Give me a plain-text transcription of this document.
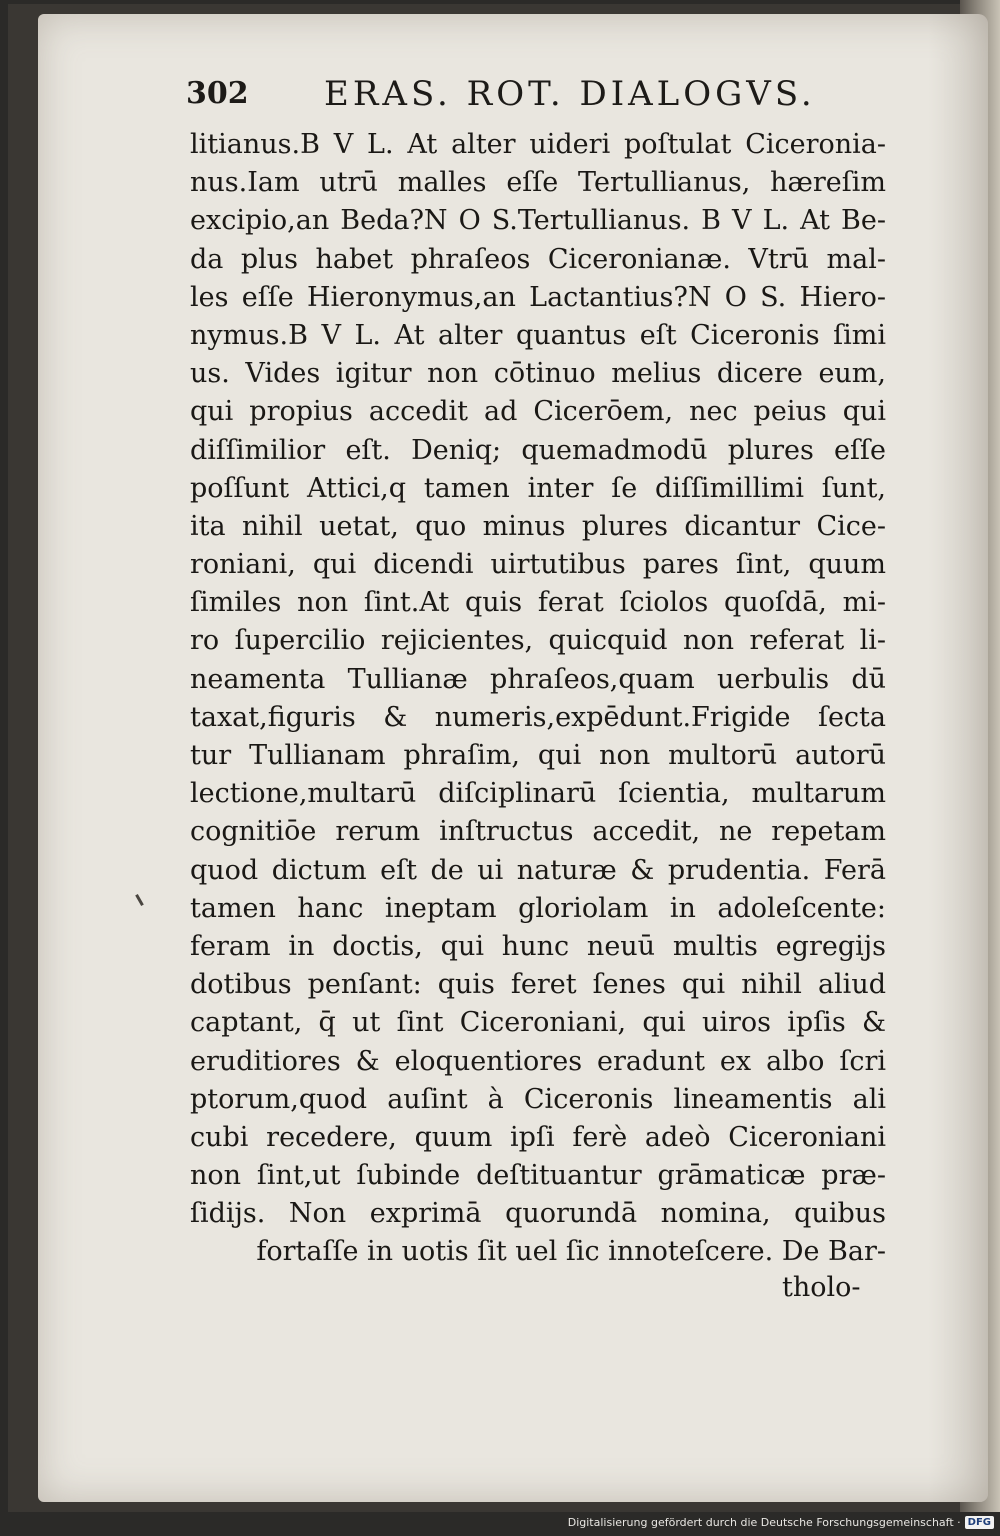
302 ERAS. ROT. DIALOGVS.
litianus.B V L. At alter uideri poſtulat Ciceronia-
nus.Iam utrū malles eſſe Tertullianus, hæreſim
excipio,an Beda?N O S.Tertullianus. B V L. At Be-
da plus habet phraſeos Ciceronianæ. Vtrū mal-
les eſſe Hieronymus,an Lactantius?N O S. Hiero-
nymus.B V L. At alter quantus eſt Ciceronis ſimi
us. Vides igitur non cōtinuo melius dicere eum,
qui propius accedit ad Cicerōem, nec peius qui
diſſimilior eſt. Deniq; quemadmodū plures eſſe
poſſunt Attici,q tamen inter ſe diſſimillimi ſunt,
ita nihil uetat, quo minus plures dicantur Cice-
roniani, qui dicendi uirtutibus pares ſint, quum
ſimiles non ſint.At quis ferat ſciolos quoſdā, mi-
ro ſupercilio rejicientes, quicquid non referat li-
neamenta Tullianæ phraſeos,quam uerbulis dū
taxat,figuris & numeris,expēdunt.Frigide ſecta
tur Tullianam phraſim, qui non multorū autorū
lectione,multarū diſciplinarū ſcientia, multarum
cognitiōe rerum inſtructus accedit, ne repetam
quod dictum eſt de ui naturæ & prudentia. Ferā
tamen hanc ineptam gloriolam in adoleſcente:
feram in doctis, qui hunc neuū multis egregijs
dotibus penſant: quis feret ſenes qui nihil aliud
captant, q̄ ut ſint Ciceroniani, qui uiros ipſis &
eruditiores & eloquentiores eradunt ex albo ſcri
ptorum,quod auſint à Ciceronis lineamentis ali
cubi recedere, quum ipſi ferè adeò Ciceroniani
non ſint,ut ſubinde deſtituantur grāmaticæ præ-
ſidijs. Non exprimā quorundā nomina, quibus
fortaſſe in uotis ſit uel ſic innoteſcere. De Bar-
tholo-
Digitalisierung gefördert durch die Deutsche Forschungsgemeinschaft · DFG
